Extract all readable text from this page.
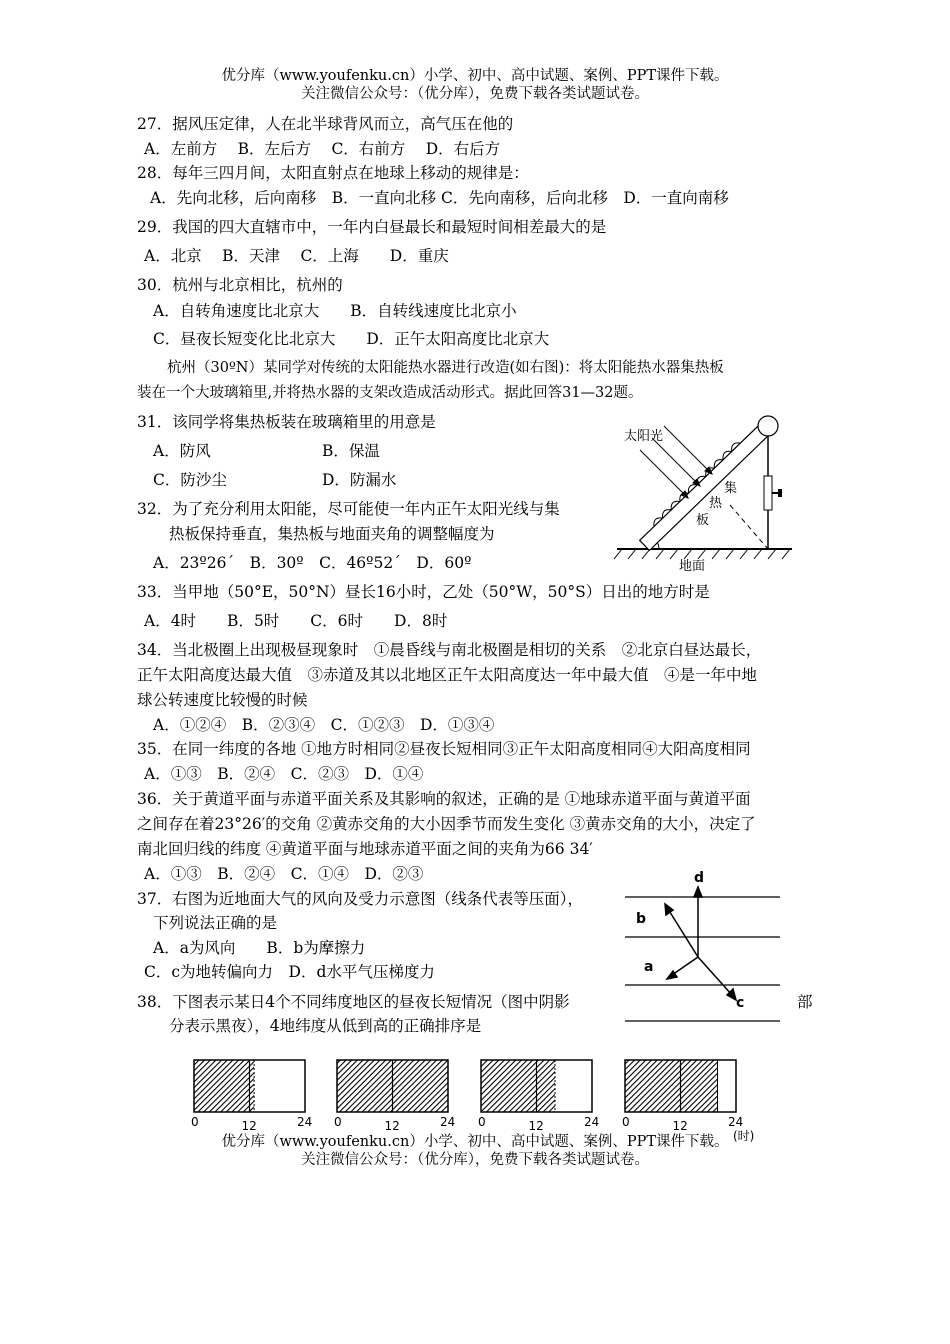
优分库（www.youfenku.cn）小学、初中、高中试题、案例、PPT课件下载。
关注微信公众号：（优分库），免费下载各类试题试卷。
27．据风压定律，人在北半球背风而立，高气压在他的
A．左前方　 B．左后方　 C．右前方　 D．右后方
28．每年三四月间，太阳直射点在地球上移动的规律是：
A．先向北移，后向南移　B．一直向北移 C．先向南移，后向北移　D．一直向南移
29．我国的四大直辖市中，一年内白昼最长和最短时间相差最大的是
A．北京　 B．天津　 C．上海　　D．重庆
30．杭州与北京相比，杭州的
A．自转角速度比北京大　　B．自转线速度比北京小
C．昼夜长短变化比北京大　　D．正午太阳高度比北京大
杭州（30ºN）某同学对传统的太阳能热水器进行改造(如右图)：将太阳能热水器集热板
装在一个大玻璃箱里,并将热水器的支架改造成活动形式。据此回答31—32题。
31．该同学将集热板装在玻璃箱里的用意是
A．防风	B．保温
C．防沙尘	D．防漏水
32．为了充分利用太阳能，尽可能使一年内正午太阳光线与集
热板保持垂直，集热板与地面夹角的调整幅度为
A．23º26΄　B．30º　C．46º52΄　D．60º
太阳光
集
热
板
地面
33．当甲地（50°E，50°N）昼长16小时，乙处（50°W，50°S）日出的地方时是
A．4时　　B．5时　　C．6时　　D．8时
34．当北极圈上出现极昼现象时　①晨昏线与南北极圈是相切的关系　②北京白昼达最长，
正午太阳高度达最大值　③赤道及其以北地区正午太阳高度达一年中最大值　④是一年中地
球公转速度比较慢的时候
A．①②④　B．②③④　C．①②③　D．①③④
35．在同一纬度的各地 ①地方时相同②昼夜长短相同③正午太阳高度相同④大阳高度相同
A．①③　B．②④　C．②③　D．①④
36．关于黄道平面与赤道平面关系及其影响的叙述，正确的是 ①地球赤道平面与黄道平面
之间存在着23°26′的交角 ②黄赤交角的大小因季节而发生变化 ③黄赤交角的大小，决定了
南北回归线的纬度 ④黄道平面与地球赤道平面之间的夹角为66 34′
A．①③　B．②④　C．①④　D．②③
37．右图为近地面大气的风向及受力示意图（线条代表等压面），
下列说法正确的是
A．a为风向　　B．b为摩擦力
C．c为地转偏向力　D．d水平气压梯度力
d
b
a
c
38．下图表示某日4个不同纬度地区的昼夜长短情况（图中阴影	部
分表示黑夜），4地纬度从低到高的正确排序是
0	12	24 0	12	24 0	12	24 0	12	24
(时)
优分库（www.youfenku.cn）小学、初中、高中试题、案例、PPT课件下载。
关注微信公众号：（优分库），免费下载各类试题试卷。
